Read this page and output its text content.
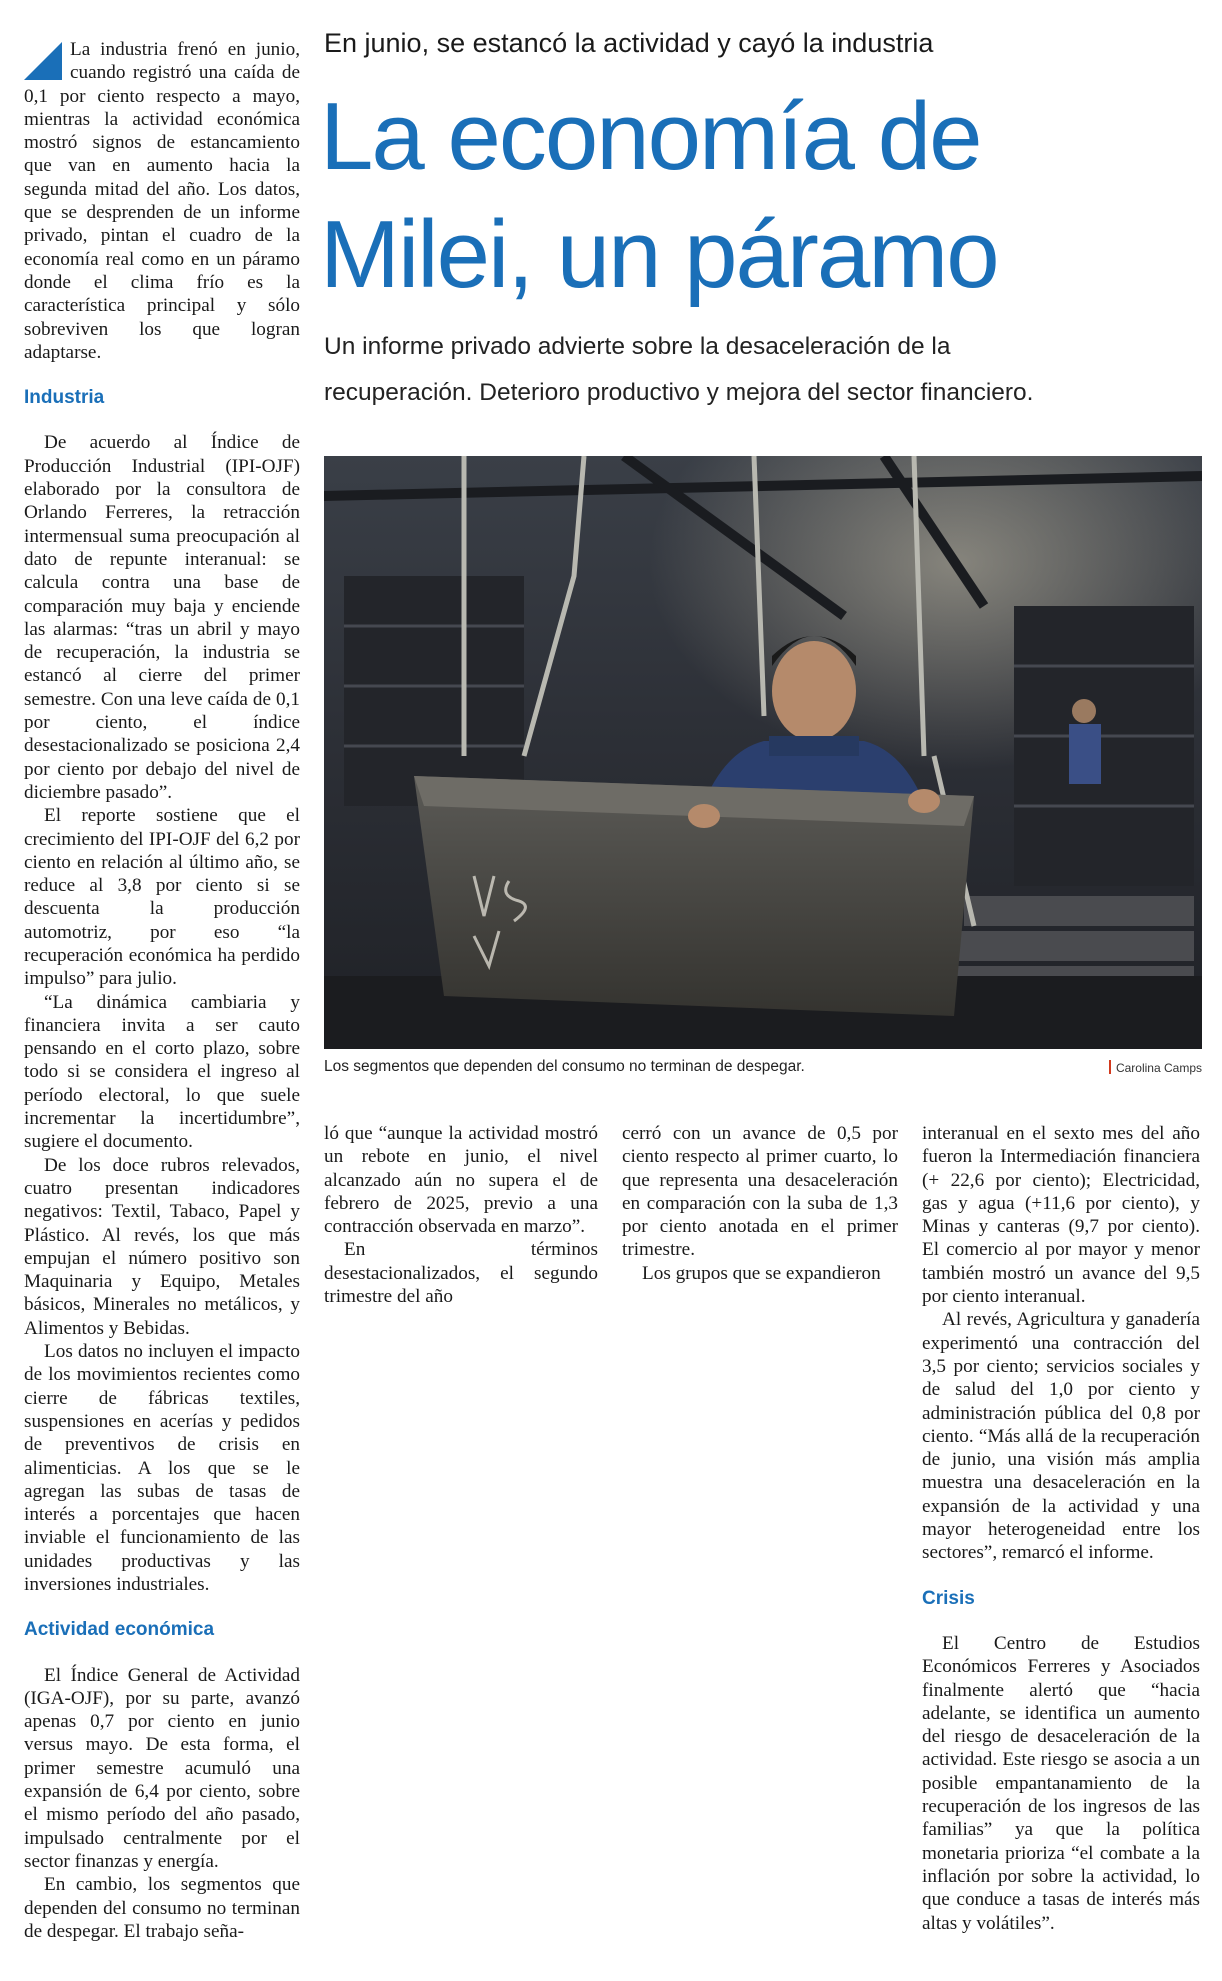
La industria frenó en junio, cuando registró una caída de 0,1 por ciento respecto a mayo, mientras la actividad económica mostró signos de estancamiento que van en aumento hacia la segunda mitad del año. Los datos, que se desprenden de un informe privado, pintan el cuadro de la economía real como en un páramo donde el clima frío es la característica principal y sólo sobreviven los que logran adaptarse.

Industria

De acuerdo al Índice de Producción Industrial (IPI-OJF) elaborado por la consultora de Orlando Ferreres, la retracción intermensual suma preocupación al dato de repunte interanual: se calcula contra una base de comparación muy baja y enciende las alarmas: “tras un abril y mayo de recuperación, la industria se estancó al cierre del primer semestre. Con una leve caída de 0,1 por ciento, el índice desestacionalizado se posiciona 2,4 por ciento por debajo del nivel de diciembre pasado”.

El reporte sostiene que el crecimiento del IPI-OJF del 6,2 por ciento en relación al último año, se reduce al 3,8 por ciento si se descuenta la producción automotriz, por eso “la recuperación económica ha perdido impulso” para julio.

“La dinámica cambiaria y financiera invita a ser cauto pensando en el corto plazo, sobre todo si se considera el ingreso al período electoral, lo que suele incrementar la incertidumbre”, sugiere el documento.

De los doce rubros relevados, cuatro presentan indicadores negativos: Textil, Tabaco, Papel y Plástico. Al revés, los que más empujan el número positivo son Maquinaria y Equipo, Metales básicos, Minerales no metálicos, y Alimentos y Bebidas.

Los datos no incluyen el impacto de los movimientos recientes como cierre de fábricas textiles, suspensiones en acerías y pedidos de preventivos de crisis en alimenticias. A los que se le agregan las subas de tasas de interés a porcentajes que hacen inviable el funcionamiento de las unidades productivas y las inversiones industriales.

Actividad económica

El Índice General de Actividad (IGA-OJF), por su parte, avanzó apenas 0,7 por ciento en junio versus mayo. De esta forma, el primer semestre acumuló una expansión de 6,4 por ciento, sobre el mismo período del año pasado, impulsado centralmente por el sector finanzas y energía.

En cambio, los segmentos que dependen del consumo no terminan de despegar. El trabajo seña-

En junio, se estancó la actividad y cayó la industria
La economía de
Milei, un páramo
Un informe privado advierte sobre la desaceleración de la
recuperación. Deterioro productivo y mejora del sector financiero.
Los segmentos que dependen del consumo no terminan de despegar.	Carolina Camps

ló que “aunque la actividad mostró un rebote en junio, el nivel alcanzado aún no supera el de febrero de 2025, previo a una contracción observada en marzo”.

En términos desestacionalizados, el segundo trimestre del año

cerró con un avance de 0,5 por ciento respecto al primer cuarto, lo que representa una desaceleración en comparación con la suba de 1,3 por ciento anotada en el primer trimestre.

Los grupos que se expandieron

interanual en el sexto mes del año fueron la Intermediación financiera (+ 22,6 por ciento); Electricidad, gas y agua (+11,6 por ciento), y Minas y canteras (9,7 por ciento). El comercio al por mayor y menor también mostró un avance del 9,5 por ciento interanual.

Al revés, Agricultura y ganadería experimentó una contracción del 3,5 por ciento; servicios sociales y de salud del 1,0 por ciento y administración pública del 0,8 por ciento. “Más allá de la recuperación de junio, una visión más amplia muestra una desaceleración en la expansión de la actividad y una mayor heterogeneidad entre los sectores”, remarcó el informe.

Crisis

El Centro de Estudios Económicos Ferreres y Asociados finalmente alertó que “hacia adelante, se identifica un aumento del riesgo de desaceleración de la actividad. Este riesgo se asocia a un posible empantanamiento de la recuperación de los ingresos de las familias” ya que la política monetaria prioriza “el combate a la inflación por sobre la actividad, lo que conduce a tasas de interés más altas y volátiles”.
